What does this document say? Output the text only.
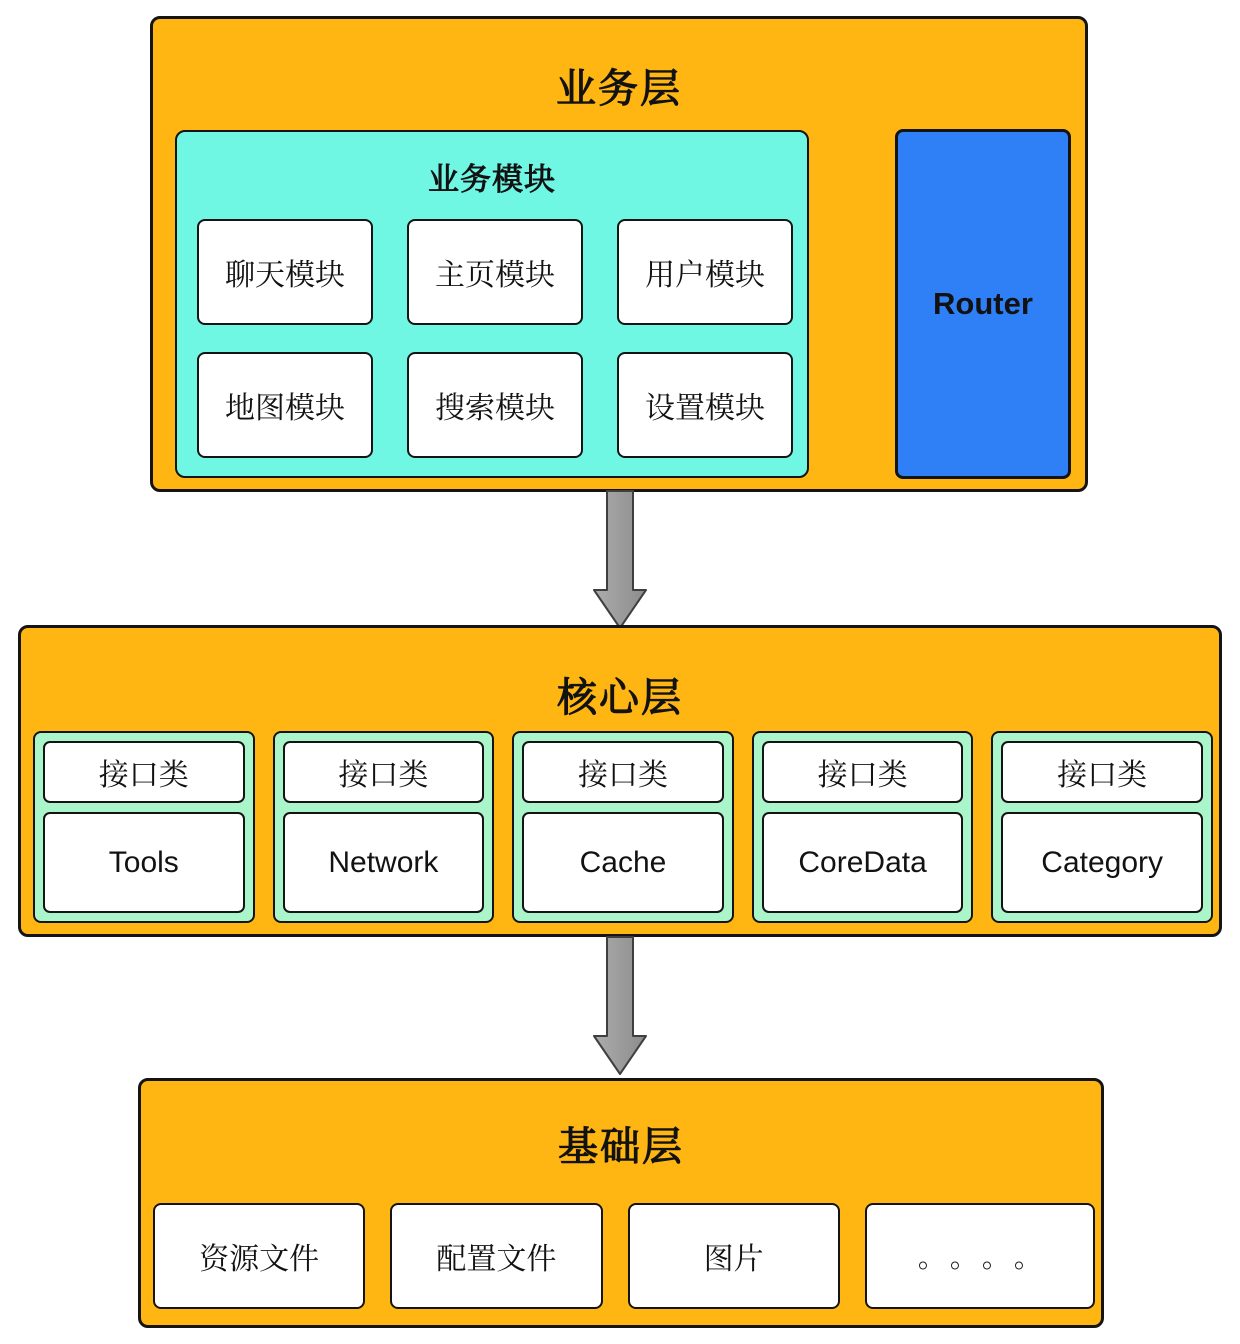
业务层
业务模块
聊天模块	主页模块	用户模块
地图模块	搜索模块	设置模块
Router
核心层
接口类
Tools
接口类
Network
接口类
Cache
接口类
CoreData
接口类
Category
基础层
资源文件	配置文件	图片	。。。。
